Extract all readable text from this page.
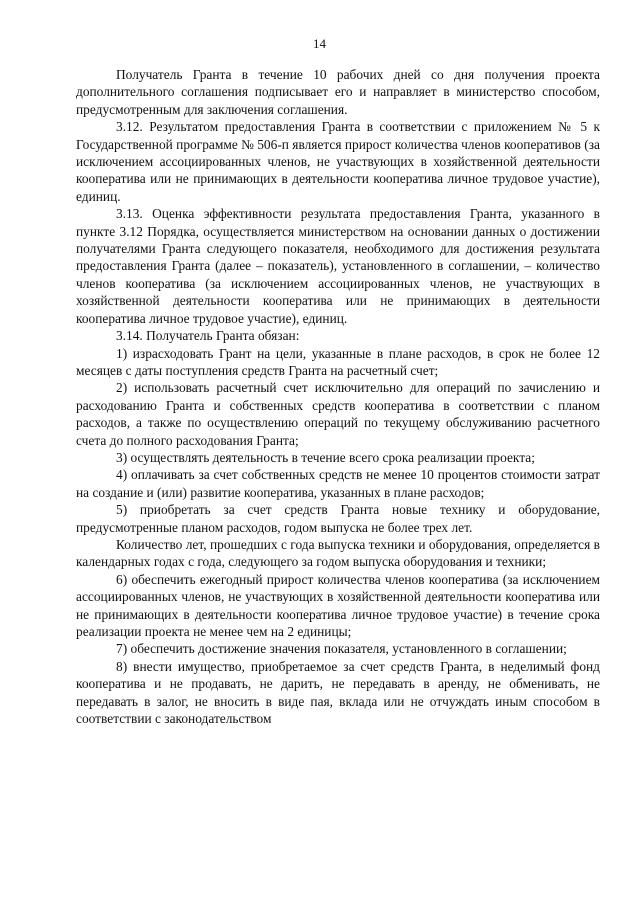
14

Получатель Гранта в течение 10 рабочих дней со дня получения проекта дополнительного соглашения подписывает его и направляет в министерство способом, предусмотренным для заключения соглашения.

3.12. Результатом предоставления Гранта в соответствии с приложением № 5 к Государственной программе № 506-п является прирост количества членов кооперативов (за исключением ассоциированных членов, не участвующих в хозяйственной деятельности кооператива или не принимающих в деятельности кооператива личное трудовое участие), единиц.

3.13. Оценка эффективности результата предоставления Гранта, указанного в пункте 3.12 Порядка, осуществляется министерством на основании данных о достижении получателями Гранта следующего показателя, необходимого для достижения результата предоставления Гранта (далее – показатель), установленного в соглашении, – количество членов кооператива (за исключением ассоциированных членов, не участвующих в хозяйственной деятельности кооператива или не принимающих в деятельности кооператива личное трудовое участие), единиц.

3.14. Получатель Гранта обязан:

1) израсходовать Грант на цели, указанные в плане расходов, в срок не более 12 месяцев с даты поступления средств Гранта на расчетный счет;

2) использовать расчетный счет исключительно для операций по зачислению и расходованию Гранта и собственных средств кооператива в соответствии с планом расходов, а также по осуществлению операций по текущему обслуживанию расчетного счета до полного расходования Гранта;

3) осуществлять деятельность в течение всего срока реализации проекта;

4) оплачивать за счет собственных средств не менее 10 процентов стоимости затрат на создание и (или) развитие кооператива, указанных в плане расходов;

5) приобретать за счет средств Гранта новые технику и оборудование, предусмотренные планом расходов, годом выпуска не более трех лет.

Количество лет, прошедших с года выпуска техники и оборудования, определяется в календарных годах с года, следующего за годом выпуска оборудования и техники;

6) обеспечить ежегодный прирост количества членов кооператива (за исключением ассоциированных членов, не участвующих в хозяйственной деятельности кооператива или не принимающих в деятельности кооператива личное трудовое участие) в течение срока реализации проекта не менее чем на 2 единицы;

7) обеспечить достижение значения показателя, установленного в соглашении;

8) внести имущество, приобретаемое за счет средств Гранта, в неделимый фонд кооператива и не продавать, не дарить, не передавать в аренду, не обменивать, не передавать в залог, не вносить в виде пая, вклада или не отчуждать иным способом в соответствии с законодательством
